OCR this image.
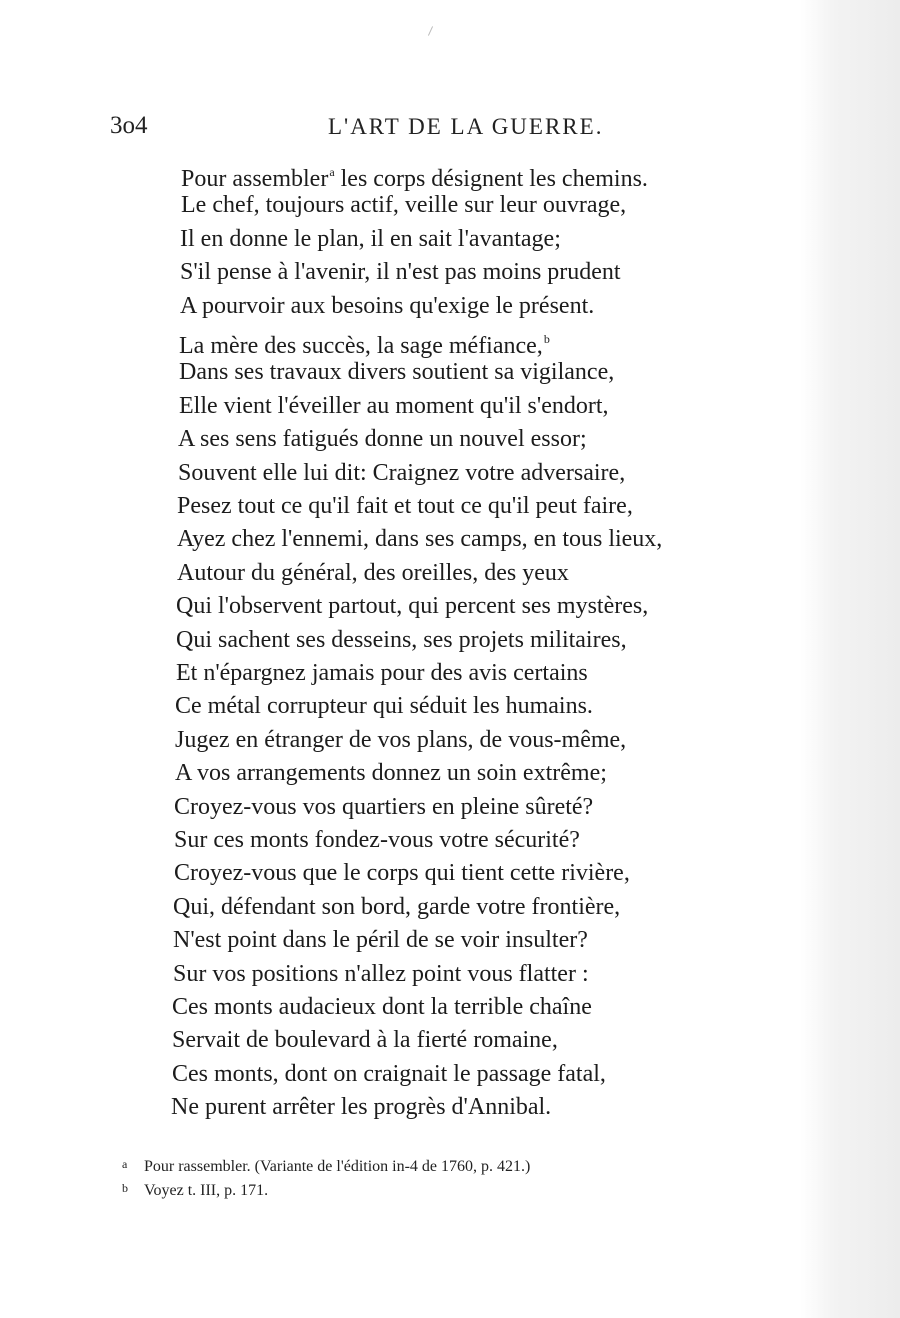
3o4	L'ART DE LA GUERRE.
Pour assembler$^a$ les corps désignent les chemins.
Le chef, toujours actif, veille sur leur ouvrage,
Il en donne le plan, il en sait l'avantage;
S'il pense à l'avenir, il n'est pas moins prudent
A pourvoir aux besoins qu'exige le présent.
La mère des succès, la sage méfiance,$^b$
Dans ses travaux divers soutient sa vigilance,
Elle vient l'éveiller au moment qu'il s'endort,
A ses sens fatigués donne un nouvel essor;
Souvent elle lui dit: Craignez votre adversaire,
Pesez tout ce qu'il fait et tout ce qu'il peut faire,
Ayez chez l'ennemi, dans ses camps, en tous lieux,
Autour du général, des oreilles, des yeux
Qui l'observent partout, qui percent ses mystères,
Qui sachent ses desseins, ses projets militaires,
Et n'épargnez jamais pour des avis certains
Ce métal corrupteur qui séduit les humains.
Jugez en étranger de vos plans, de vous-même,
A vos arrangements donnez un soin extrême;
Croyez-vous vos quartiers en pleine sûreté?
Sur ces monts fondez-vous votre sécurité?
Croyez-vous que le corps qui tient cette rivière,
Qui, défendant son bord, garde votre frontière,
N'est point dans le péril de se voir insulter?
Sur vos positions n'allez point vous flatter :
Ces monts audacieux dont la terrible chaîne
Servait de boulevard à la fierté romaine,
Ces monts, dont on craignait le passage fatal,
Ne purent arrêter les progrès d'Annibal.
a Pour rassembler. (Variante de l'édition in-4 de 1760, p. 421.)
b Voyez t. III, p. 171.
